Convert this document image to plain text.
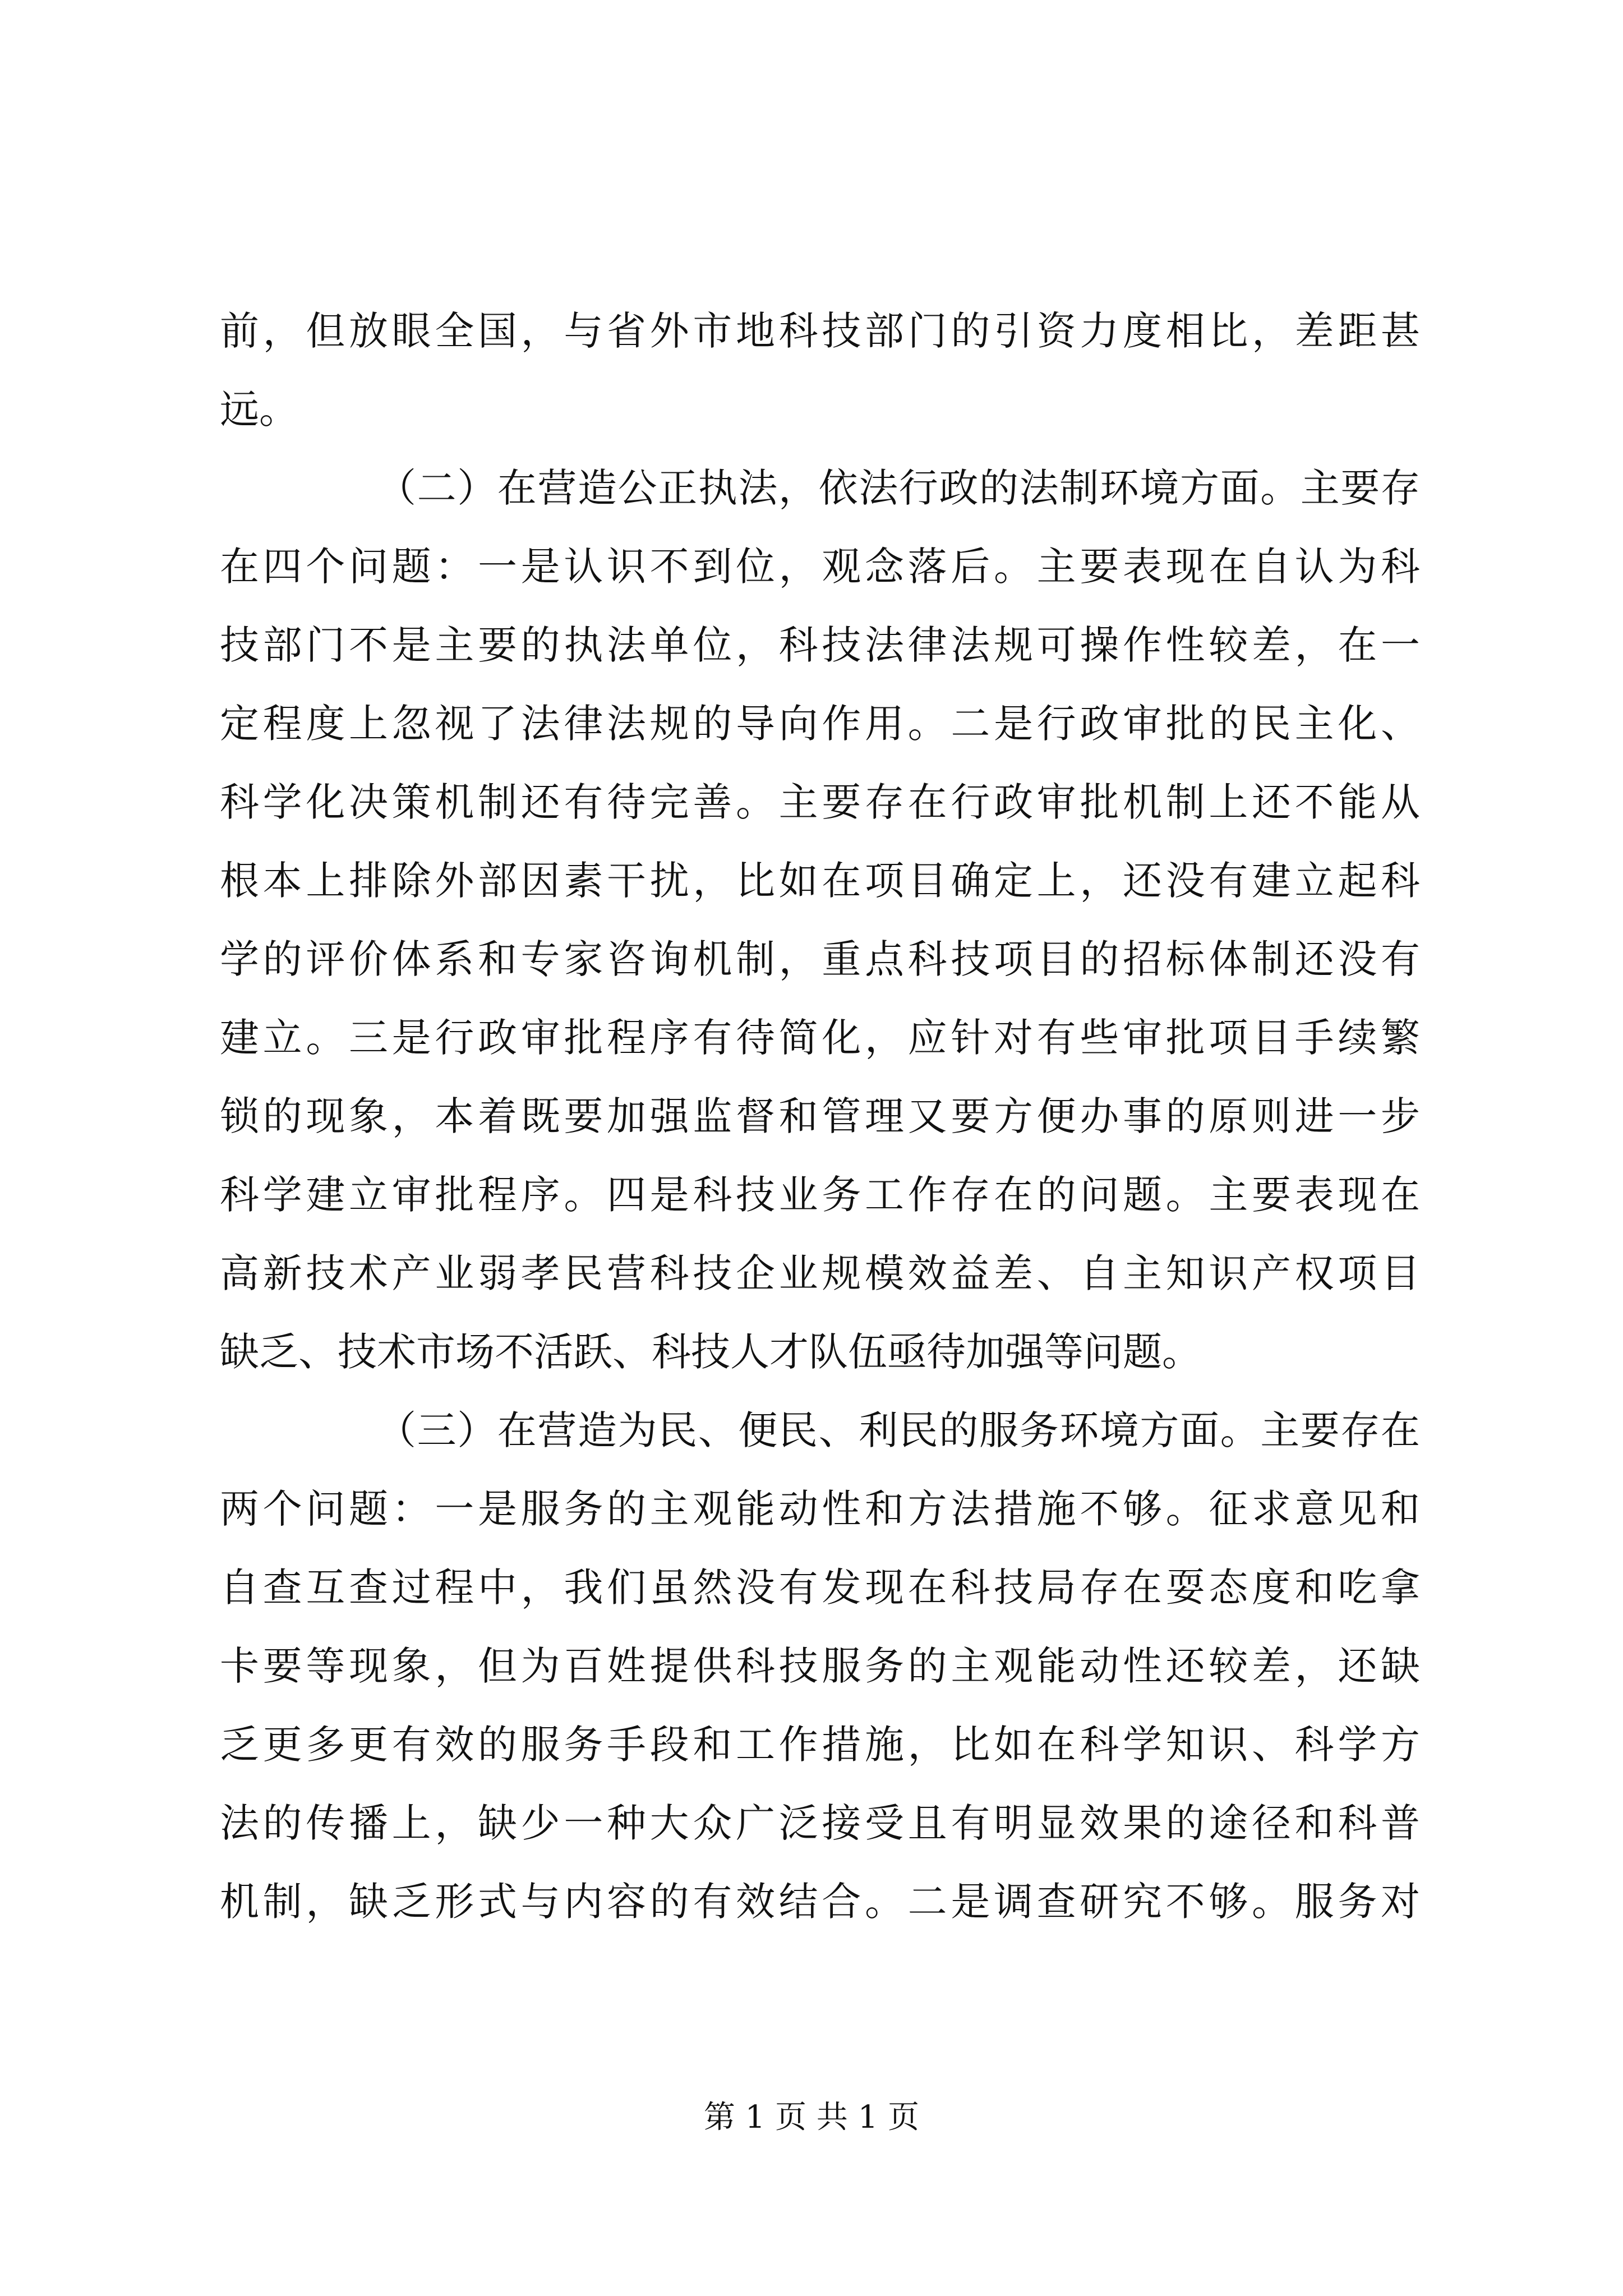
前，但放眼全国，与省外市地科技部门的引资力度相比，差距甚
远。
（二）在营造公正执法，依法行政的法制环境方面。主要存
在四个问题：一是认识不到位，观念落后。主要表现在自认为科
技部门不是主要的执法单位，科技法律法规可操作性较差，在一
定程度上忽视了法律法规的导向作用。二是行政审批的民主化、
科学化决策机制还有待完善。主要存在行政审批机制上还不能从
根本上排除外部因素干扰，比如在项目确定上，还没有建立起科
学的评价体系和专家咨询机制，重点科技项目的招标体制还没有
建立。三是行政审批程序有待简化，应针对有些审批项目手续繁
锁的现象，本着既要加强监督和管理又要方便办事的原则进一步
科学建立审批程序。四是科技业务工作存在的问题。主要表现在
高新技术产业弱孝民营科技企业规模效益差、自主知识产权项目
缺乏、技术市场不活跃、科技人才队伍亟待加强等问题。
（三）在营造为民、便民、利民的服务环境方面。主要存在
两个问题：一是服务的主观能动性和方法措施不够。征求意见和
自查互查过程中，我们虽然没有发现在科技局存在耍态度和吃拿
卡要等现象，但为百姓提供科技服务的主观能动性还较差，还缺
乏更多更有效的服务手段和工作措施，比如在科学知识、科学方
法的传播上，缺少一种大众广泛接受且有明显效果的途径和科普
机制，缺乏形式与内容的有效结合。二是调查研究不够。服务对
第 1 页 共 1 页
